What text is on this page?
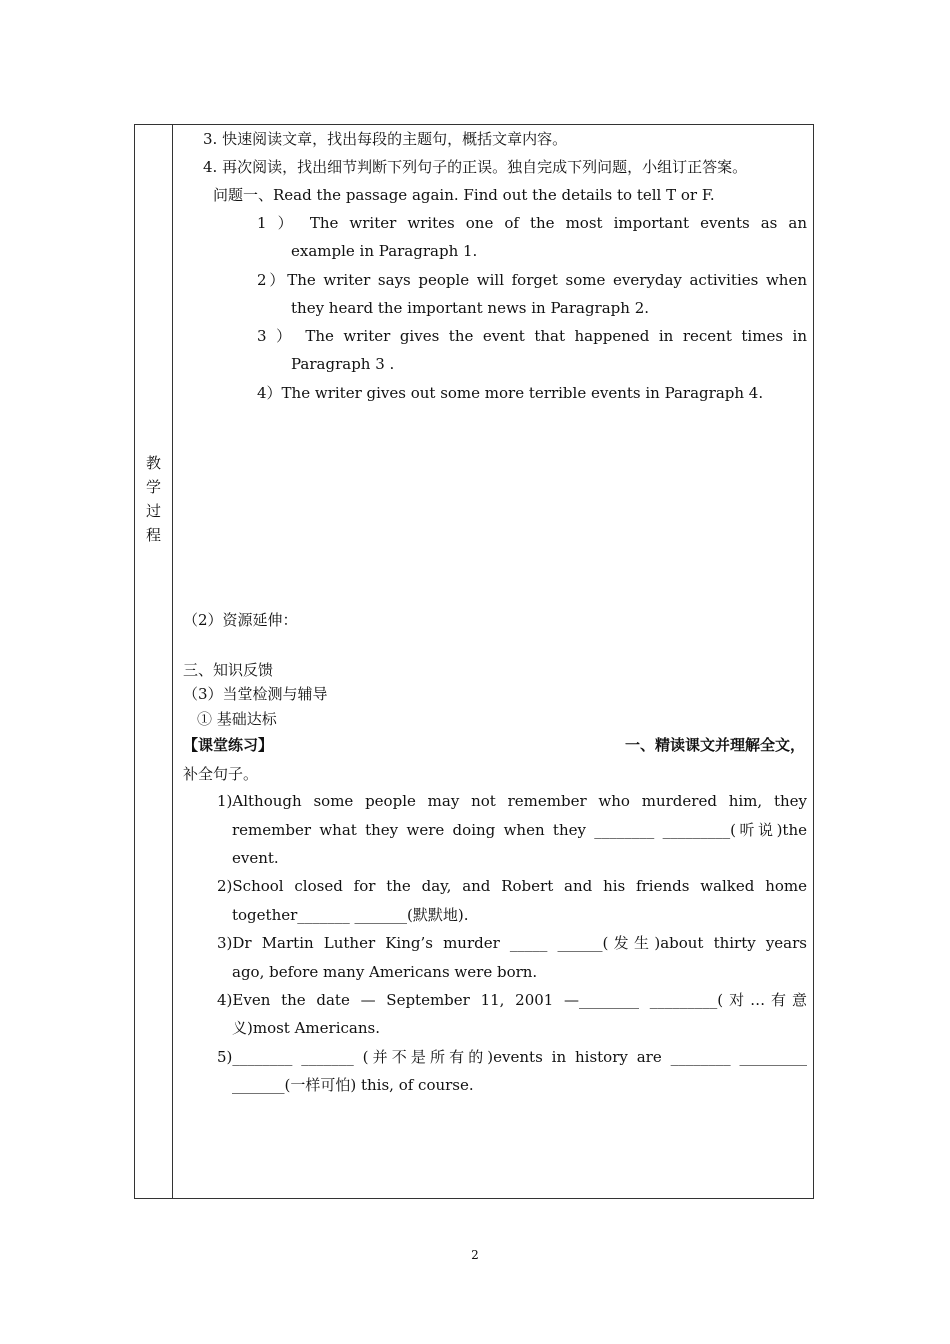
教
学
过
程
3. 快速阅读文章，找出每段的主题句，概括文章内容。
4. 再次阅读，找出细节判断下列句子的正误。独自完成下列问题，小组订正答案。
问题一、Read the passage again. Find out the details to tell T or F.
1 ） The writer writes one of the most important events as an
example in Paragraph 1.
2）The writer says people will forget some everyday activities when
they heard the important news in Paragraph 2.
3 ） The writer gives the event that happened in recent times in
Paragraph 3 .
4）The writer gives out some more terrible events in Paragraph 4.
（2）资源延伸：
三、知识反馈
（3）当堂检测与辅导
① 基础达标
【课堂练习】	一、精读课文并理解全文，
补全句子。
1)Although some people may not remember who murdered him, they
remember what they were doing when they ________ _________(听说)the
event.
2)School closed for the day, and Robert and his friends walked home
together_______ _______(默默地).
3)Dr Martin Luther King’s murder _____ ______(发生)about thirty years
ago, before many Americans were born.
4)Even the date — September 11, 2001 —________ _________(对…有意
义)most Americans.
5)________ _______ (并不是所有的)events in history are ________ _________
_______(一样可怕) this, of course.
2
